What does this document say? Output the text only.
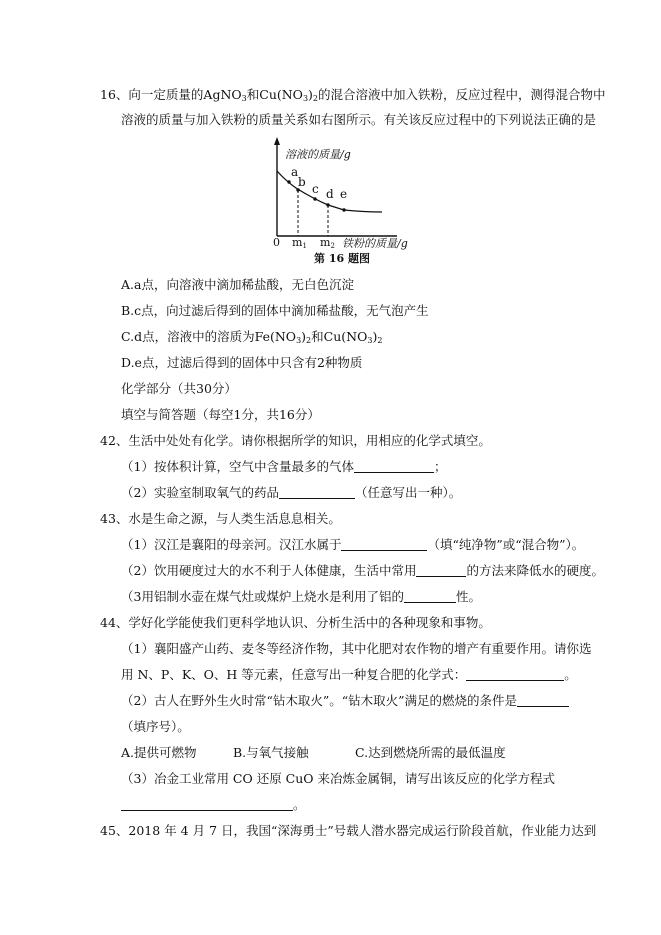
16、向一定质量的AgNO$_3$和$Cu(NO_3)_2$的混合溶液中加入铁粉，反应过程中，测得混合物中
溶液的质量与加入铁粉的质量关系如右图所示。有关该反应过程中的下列说法正确的是
溶液的质量/g
a
b c d e
0 m1 m2 铁粉的质量/g
第 16 题图
A.a点，向溶液中滴加稀盐酸，无白色沉淀
B.c点，向过滤后得到的固体中滴加稀盐酸，无气泡产生
C.d点，溶液中的溶质为$Fe(NO_3)_2$和$Cu(NO_3)_2$
D.e点，过滤后得到的固体中只含有2种物质
化学部分（共30分）
填空与简答题（每空1分，共16分）
42、生活中处处有化学。请你根据所学的知识，用相应的化学式填空。
（1）按体积计算，空气中含量最多的气体	；
（2）实验室制取氧气的药品	（任意写出一种）。
43、水是生命之源，与人类生活息息相关。
（1）汉江是襄阳的母亲河。汉江水属于	（填“纯净物”或“混合物”）。
（2）饮用硬度过大的水不利于人体健康，生活中常用	的方法来降低水的硬度。
（3用铝制水壶在煤气灶或煤炉上烧水是利用了铝的	性。
44、学好化学能使我们更科学地认识、分析生活中的各种现象和事物。
（1）襄阳盛产山药、麦冬等经济作物，其中化肥对农作物的增产有重要作用。请你选
用 N、P、K、O、H 等元素，任意写出一种复合肥的化学式：	。
（2）古人在野外生火时常“钻木取火”。“钻木取火”满足的燃烧的条件是
（填序号）。
A.提供可燃物	B.与氧气接触	C.达到燃烧所需的最低温度
（3）冶金工业常用 CO 还原 CuO 来冶炼金属铜，请写出该反应的化学方程式
。
45、2018 年 4 月 7 日，我国“深海勇士”号载人潜水器完成运行阶段首航，作业能力达到
